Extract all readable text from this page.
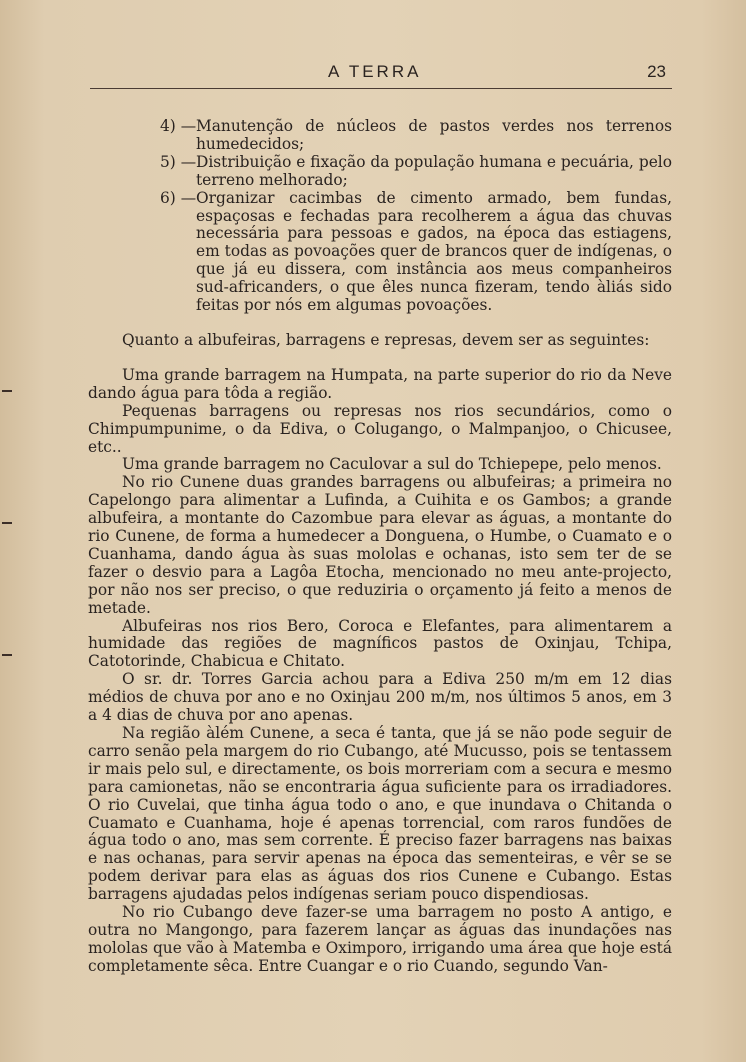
A TERRA	23

4) — Manutenção de núcleos de pastos verdes nos terrenos humedecidos;

5) — Distribuição e fixação da população humana e pecuária, pelo terreno melhorado;

6) — Organizar cacimbas de cimento armado, bem fundas, espaçosas e fechadas para recolherem a água das chuvas necessária para pessoas e gados, na época das estiagens, em todas as povoações quer de brancos quer de indígenas, o que já eu dissera, com instância aos meus companheiros sud-africanders, o que êles nunca fizeram, tendo àliás sido feitas por nós em algumas povoações.

Quanto a albufeiras, barragens e represas, devem ser as seguintes:

Uma grande barragem na Humpata, na parte superior do rio da Neve dando água para tôda a região.

Pequenas barragens ou represas nos rios secundários, como o Chimpumpunime, o da Ediva, o Colugango, o Malmpanjoo, o Chicusee, etc..

Uma grande barragem no Caculovar a sul do Tchiepepe, pelo menos.

No rio Cunene duas grandes barragens ou albufeiras; a primeira no Capelongo para alimentar a Lufinda, a Cuihita e os Gambos; a grande albufeira, a montante do Cazombue para elevar as águas, a montante do rio Cunene, de forma a humedecer a Donguena, o Humbe, o Cuamato e o Cuanhama, dando água às suas mololas e ochanas, isto sem ter de se fazer o desvio para a Lagôa Etocha, mencionado no meu ante-projecto, por não nos ser preciso, o que reduziria o orçamento já feito a menos de metade.

Albufeiras nos rios Bero, Coroca e Elefantes, para alimentarem a humidade das regiões de magníficos pastos de Oxinjau, Tchipa, Catotorinde, Chabicua e Chitato.

O sr. dr. Torres Garcia achou para a Ediva 250 m/m em 12 dias médios de chuva por ano e no Oxinjau 200 m/m, nos últimos 5 anos, em 3 a 4 dias de chuva por ano apenas.

Na região àlém Cunene, a seca é tanta, que já se não pode seguir de carro senão pela margem do rio Cubango, até Mucusso, pois se tentassem ir mais pelo sul, e directamente, os bois morreriam com a secura e mesmo para camionetas, não se encontraria água suficiente para os irradiadores. O rio Cuvelai, que tinha água todo o ano, e que inundava o Chitanda o Cuamato e Cuanhama, hoje é apenas torrencial, com raros fundões de água todo o ano, mas sem corrente. É preciso fazer barragens nas baixas e nas ochanas, para servir apenas na época das sementeiras, e vêr se se podem derivar para elas as águas dos rios Cunene e Cubango. Estas barragens ajudadas pelos indígenas seriam pouco dispendiosas.

No rio Cubango deve fazer-se uma barragem no posto A antigo, e outra no Mangongo, para fazerem lançar as águas das inundações nas mololas que vão à Matemba e Oximporo, irrigando uma área que hoje está completamente sêca. Entre Cuangar e o rio Cuando, segundo Van-
